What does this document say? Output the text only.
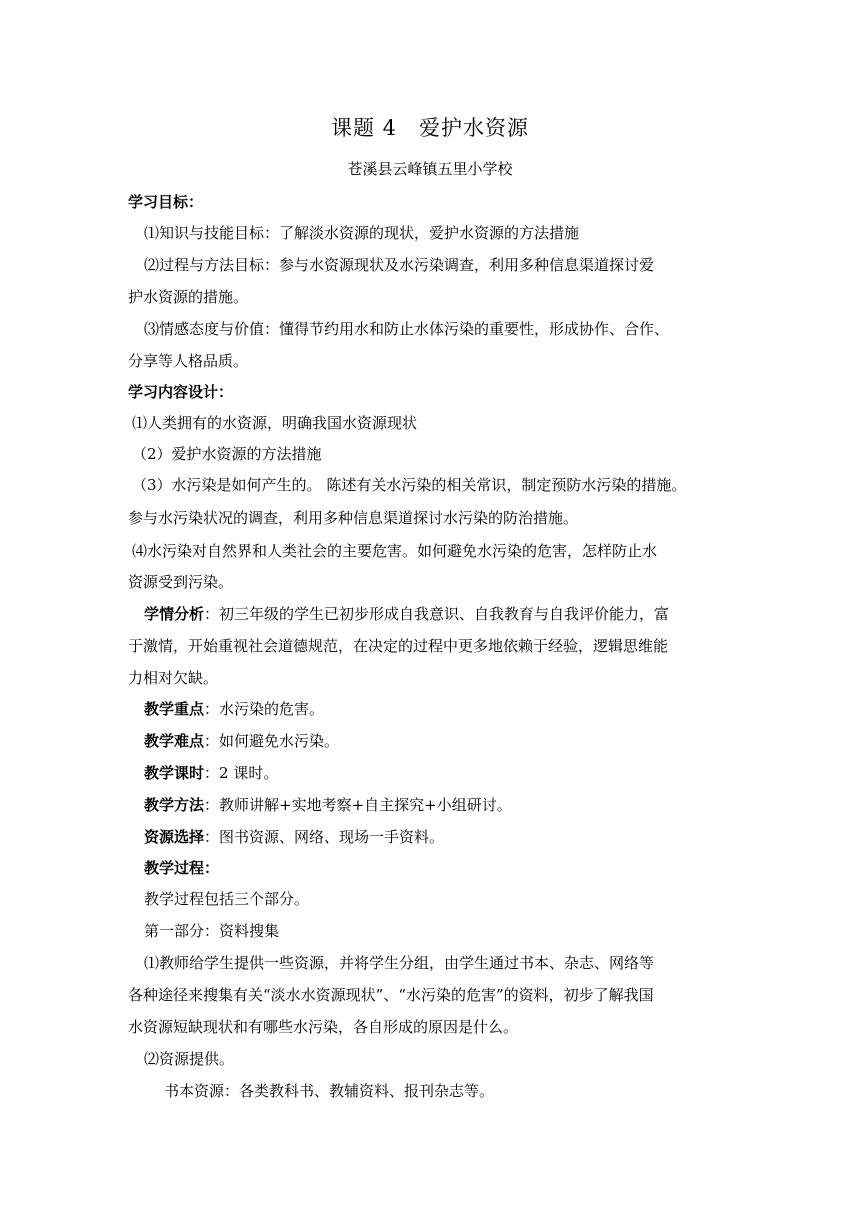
课题 4　爱护水资源
苍溪县云峰镇五里小学校
学习目标：
⑴知识与技能目标：了解淡水资源的现状，爱护水资源的方法措施
⑵过程与方法目标：参与水资源现状及水污染调查，利用多种信息渠道探讨爱
护水资源的措施。
⑶情感态度与价值：懂得节约用水和防止水体污染的重要性，形成协作、合作、
分享等人格品质。
学习内容设计：
⑴人类拥有的水资源，明确我国水资源现状
（2）爱护水资源的方法措施
（3）水污染是如何产生的。 陈述有关水污染的相关常识，制定预防水污染的措施。
参与水污染状况的调查，利用多种信息渠道探讨水污染的防治措施。
⑷水污染对自然界和人类社会的主要危害。如何避免水污染的危害，怎样防止水
资源受到污染。
学情分析：初三年级的学生已初步形成自我意识、自我教育与自我评价能力，富
于激情，开始重视社会道德规范，在决定的过程中更多地依赖于经验，逻辑思维能
力相对欠缺。
教学重点：水污染的危害。
教学难点：如何避免水污染。
教学课时：2 课时。
教学方法：教师讲解+实地考察+自主探究+小组研讨。
资源选择：图书资源、网络、现场一手资料。
教学过程：
教学过程包括三个部分。
第一部分：资料搜集
⑴教师给学生提供一些资源，并将学生分组，由学生通过书本、杂志、网络等
各种途径来搜集有关“淡水水资源现状”、“水污染的危害”的资料，初步了解我国
水资源短缺现状和有哪些水污染，各自形成的原因是什么。
⑵资源提供。
书本资源：各类教科书、教辅资料、报刊杂志等。
